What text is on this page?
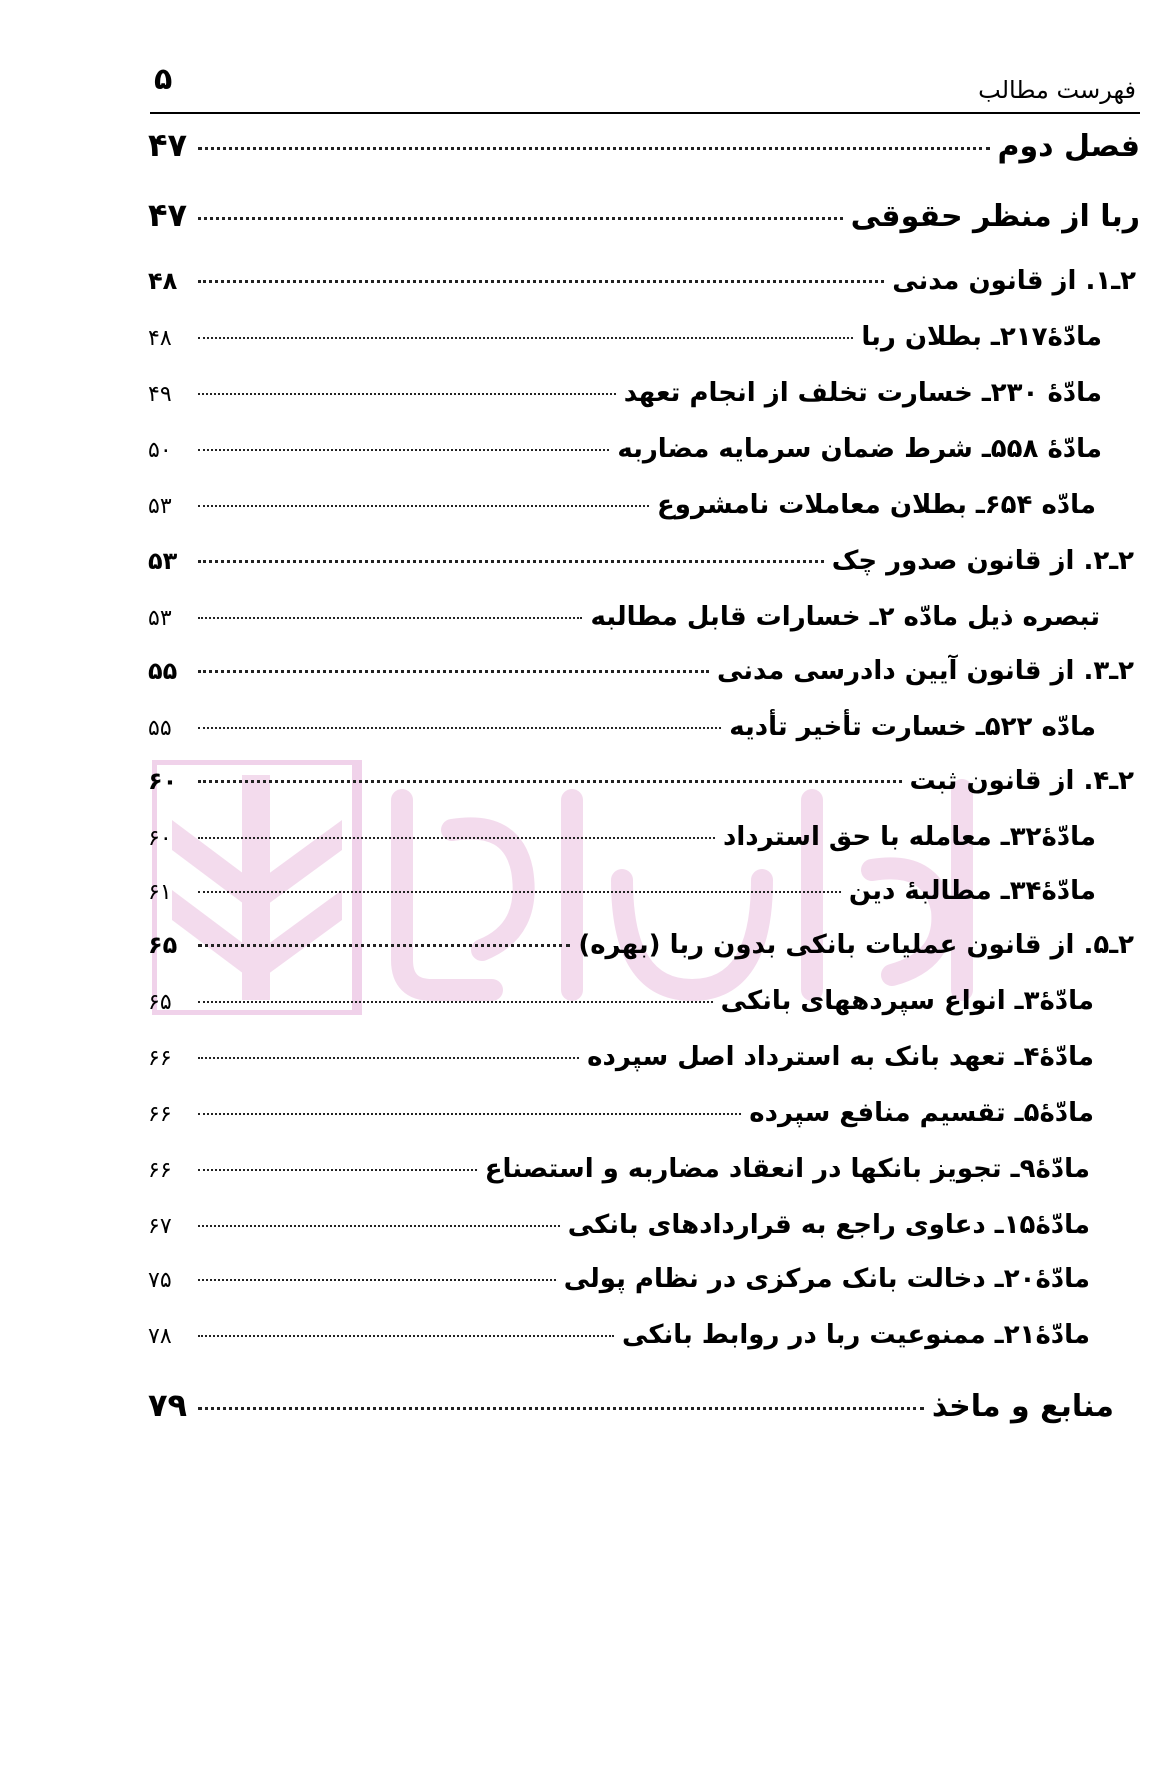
۵	فهرست مطالب
فصل دوم
۴۷
ربا از منظر حقوقی
۴۷
۲ـ۱. از قانون مدنی
۴۸
مادّهٔ۲۱۷ـ بطلان ربا
۴۸
مادّهٔ ۲۳۰ـ خسارت تخلف از انجام تعهد
۴۹
مادّهٔ ۵۵۸ـ شرط ضمان سرمایه مضاربه
۵۰
مادّه ۶۵۴ـ بطلان معاملات نامشروع
۵۳
۲ـ۲. از قانون صدور چک
۵۳
تبصره ذیل مادّه ۲ـ خسارات قابل مطالبه
۵۳
۲ـ۳. از قانون آیین دادرسی مدنی
۵۵
مادّه ۵۲۲ـ خسارت تأخیر تأدیه
۵۵
۲ـ۴. از قانون ثبت
۶۰
مادّهٔ۳۲ـ معامله با حق استرداد
۶۰
مادّهٔ۳۴ـ مطالبهٔ دین
۶۱
۲ـ۵. از قانون عملیات بانکی بدون ربا (بهره)
۶۵
مادّهٔ۳ـ انواع سپردههای بانکی
۶۵
مادّهٔ۴ـ تعهد بانک به استرداد اصل سپرده
۶۶
مادّهٔ۵ـ تقسیم منافع سپرده
۶۶
مادّهٔ۹ـ تجویز بانکها در انعقاد مضاربه و استصناع
۶۶
مادّهٔ۱۵ـ دعاوی راجع به قراردادهای بانکی
۶۷
مادّهٔ۲۰ـ دخالت بانک مرکزی در نظام پولی
۷۵
مادّهٔ۲۱ـ ممنوعیت ربا در روابط بانکی
۷۸
منابع و ماخذ
۷۹
